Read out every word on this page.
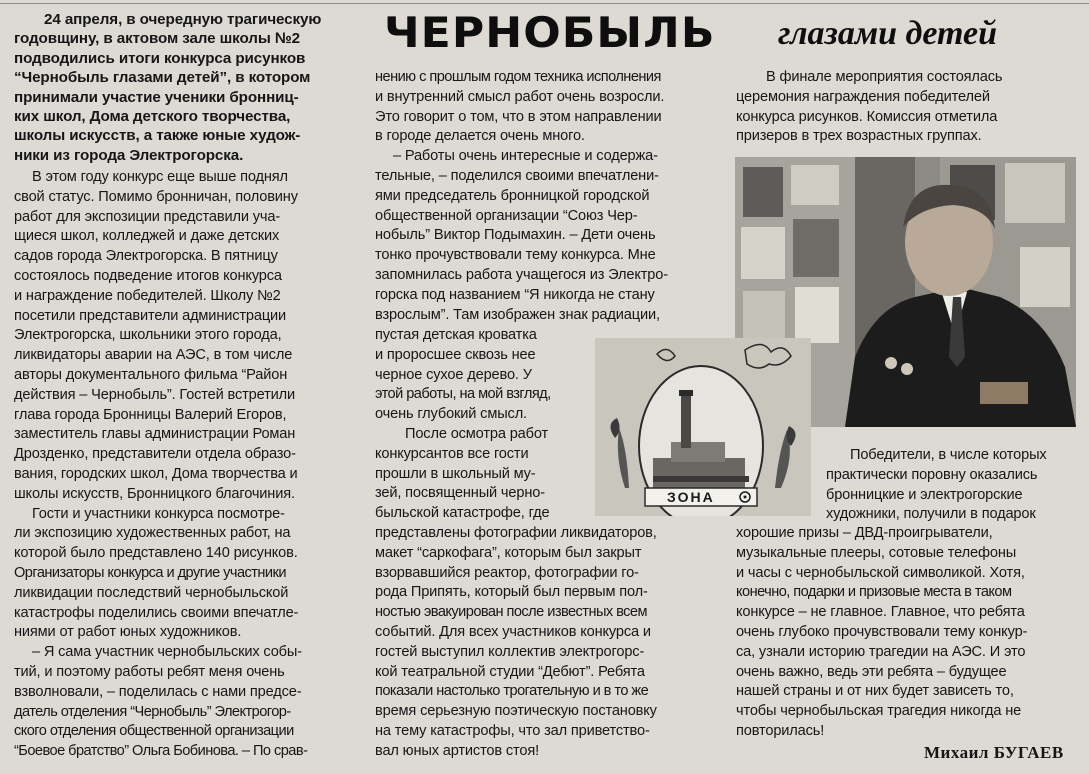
ЧЕРНОБЫЛЬ глазами детей
24 апреля, в очередную трагическую
годовщину, в актовом зале школы №2
подводились итоги конкурса рисунков
“Чернобыль глазами детей”, в котором
принимали участие ученики бронниц-
ких школ, Дома детского творчества,
школы искусств, а также юные худож-
ники из города Электрогорска.
В этом году конкурс еще выше поднял
свой статус. Помимо бронничан, половину
работ для экспозиции представили уча-
щиеся школ, колледжей и даже детских
садов города Электрогорска. В пятницу
состоялось подведение итогов конкурса
и награждение победителей. Школу №2
посетили представители администрации
Электрогорска, школьники этого города,
ликвидаторы аварии на АЭС, в том числе
авторы документального фильма “Район
действия – Чернобыль”. Гостей встретили
глава города Бронницы Валерий Егоров,
заместитель главы администрации Роман
Дрозденко, представители отдела образо-
вания, городских школ, Дома творчества и
школы искусств, Бронницкого благочиния.
Гости и участники конкурса посмотре-
ли экспозицию художественных работ, на
которой было представлено 140 рисунков.
Организаторы конкурса и другие участники
ликвидации последствий чернобыльской
катастрофы поделились своими впечатле-
ниями от работ юных художников.
– Я сама участник чернобыльских собы-
тий, и поэтому работы ребят меня очень
взволновали, – поделилась с нами предсе-
датель отделения “Чернобыль” Электрогор-
ского отделения общественной организации
“Боевое братство” Ольга Бобинова. – По срав-
нению с прошлым годом техника исполнения
и внутренний смысл работ очень возросли.
Это говорит о том, что в этом направлении
в городе делается очень много.
– Работы очень интересные и содержа-
тельные, – поделился своими впечатлени-
ями председатель бронницкой городской
общественной организации “Союз Чер-
нобыль” Виктор Подымахин. – Дети очень
тонко прочувствовали тему конкурса. Мне
запомнилась работа учащегося из Электро-
горска под названием “Я никогда не стану
взрослым”. Там изображен знак радиации,
пустая детская кроватка
и проросшее сквозь нее
черное сухое дерево. У
этой работы, на мой взгляд,
очень глубокий смысл.
После осмотра работ
конкурсантов все гости
прошли в школьный му-
зей, посвященный черно-
быльской катастрофе, где
представлены фотографии ликвидаторов,
макет “саркофага”, которым был закрыт
взорвавшийся реактор, фотографии го-
рода Припять, который был первым пол-
ностью эвакуирован после известных всем
событий. Для всех участников конкурса и
гостей выступил коллектив электрогорс-
кой театральной студии “Дебют”. Ребята
показали настолько трогательную и в то же
время серьезную поэтическую постановку
на тему катастрофы, что зал приветство-
вал юных артистов стоя!
В финале мероприятия состоялась
церемония награждения победителей
конкурса рисунков. Комиссия отметила
призеров в трех возрастных группах.
ЗОНА
Победители, в числе которых
практически поровну оказались
бронницкие и электрогорские
художники, получили в подарок
хорошие призы – ДВД-проигрыватели,
музыкальные плееры, сотовые телефоны
и часы с чернобыльской символикой. Хотя,
конечно, подарки и призовые места в таком
конкурсе – не главное. Главное, что ребята
очень глубоко прочувствовали тему конкур-
са, узнали историю трагедии на АЭС. И это
очень важно, ведь эти ребята – будущее
нашей страны и от них будет зависеть то,
чтобы чернобыльская трагедия никогда не
повторилась!
Михаил БУГАЕВ
